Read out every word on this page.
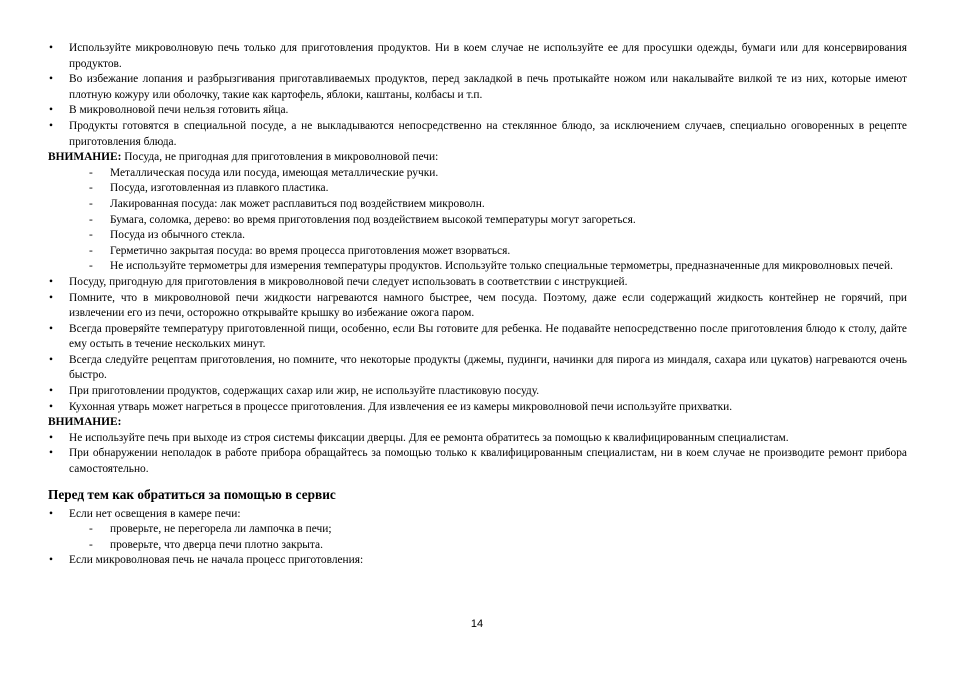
• Используйте микроволновую печь только для приготовления продуктов. Ни в коем случае не используйте ее для просушки одежды, бумаги или для консервирования продуктов.
• Во избежание лопания и разбрызгивания приготавливаемых продуктов, перед закладкой в печь протыкайте ножом или накалывайте вилкой те из них, которые имеют плотную кожуру или оболочку, такие как картофель, яблоки, каштаны, колбасы и т.п.
• В микроволновой печи нельзя готовить яйца.
• Продукты готовятся в специальной посуде, а не выкладываются непосредственно на стеклянное блюдо, за исключением случаев, специально оговоренных в рецепте приготовления блюда.
ВНИМАНИЕ: Посуда, не пригодная для приготовления в микроволновой печи:
- Металлическая посуда или посуда, имеющая металлические ручки.
- Посуда, изготовленная из плавкого пластика.
- Лакированная посуда: лак может расплавиться под воздействием микроволн.
- Бумага, соломка, дерево: во время приготовления под воздействием высокой температуры могут загореться.
- Посуда из обычного стекла.
- Герметично закрытая посуда: во время процесса приготовления может взорваться.
- Не используйте термометры для измерения температуры продуктов. Используйте только специальные термометры, предназначенные для микроволновых печей.
• Посуду, пригодную для приготовления в микроволновой печи следует использовать в соответствии с инструкцией.
• Помните, что в микроволновой печи жидкости нагреваются намного быстрее, чем посуда. Поэтому, даже если содержащий жидкость контейнер не горячий, при извлечении его из печи, осторожно открывайте крышку во избежание ожога паром.
• Всегда проверяйте температуру приготовленной пищи, особенно, если Вы готовите для ребенка. Не подавайте непосредственно после приготовления блюдо к столу, дайте ему остыть в течение нескольких минут.
• Всегда следуйте рецептам приготовления, но помните, что некоторые продукты (джемы, пудинги, начинки для пирога из миндаля, сахара или цукатов) нагреваются очень быстро.
• При приготовлении продуктов, содержащих сахар или жир, не используйте пластиковую посуду.
• Кухонная утварь может нагреться в процессе приготовления. Для извлечения ее из камеры микроволновой печи используйте прихватки.
ВНИМАНИЕ:
• Не используйте печь при выходе из строя системы фиксации дверцы. Для ее ремонта обратитесь за помощью к квалифицированным специалистам.
• При обнаружении неполадок в работе прибора обращайтесь за помощью только к квалифицированным специалистам, ни в коем случае не производите ремонт прибора самостоятельно.
Перед тем как обратиться за помощью в сервис
• Если нет освещения в камере печи:
- проверьте, не перегорела ли лампочка в печи;
- проверьте, что дверца печи плотно закрыта.
• Если микроволновая печь не начала процесс приготовления:
14
